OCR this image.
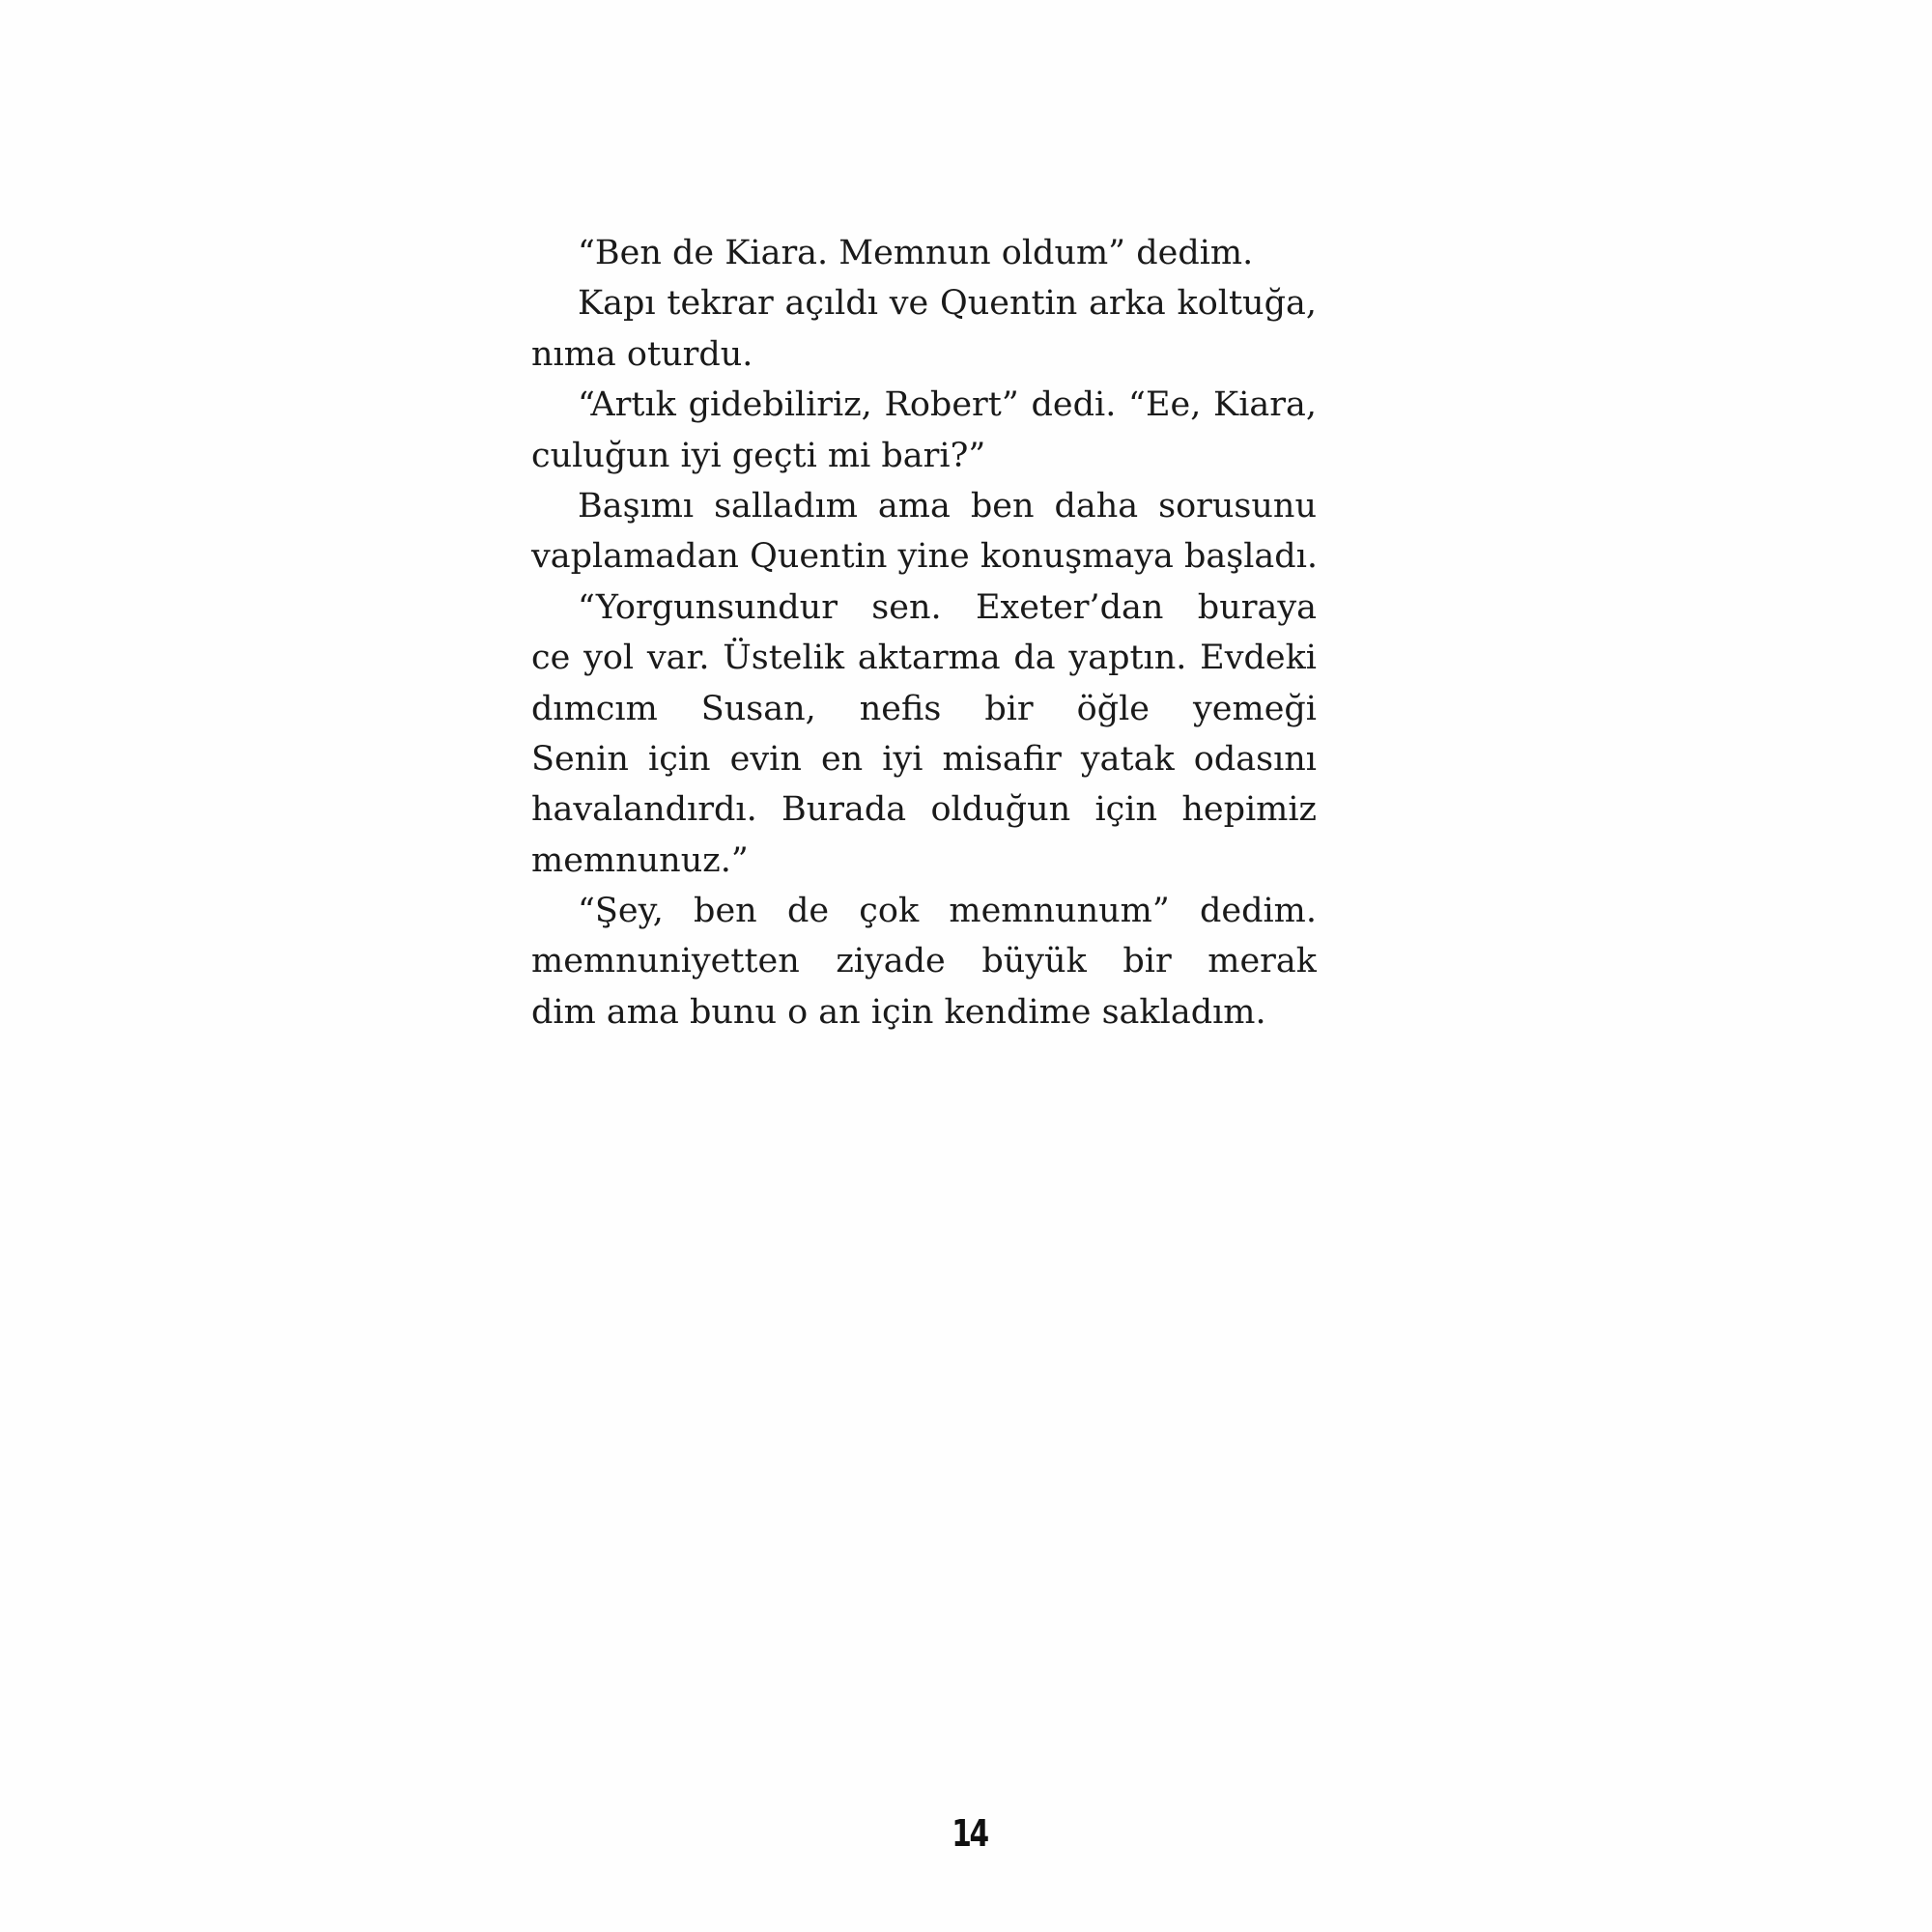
“Ben de Kiara. Memnun oldum” dedim.
Kapı tekrar açıldı ve Quentin arka koltuğa,
nıma oturdu.
“Artık gidebiliriz, Robert” dedi. “Ee, Kiara,
culuğun iyi geçti mi bari?”
Başımı salladım ama ben daha sorusunu
vaplamadan Quentin yine konuşmaya başladı.
“Yorgunsundur sen. Exeter’dan buraya
ce yol var. Üstelik aktarma da yaptın. Evdeki
dımcım Susan, nefis bir öğle yemeği
Senin için evin en iyi misafir yatak odasını
havalandırdı. Burada olduğun için hepimiz
memnunuz.”
“Şey, ben de çok memnunum” dedim.
memnuniyetten ziyade büyük bir merak
dim ama bunu o an için kendime sakladım.
14
